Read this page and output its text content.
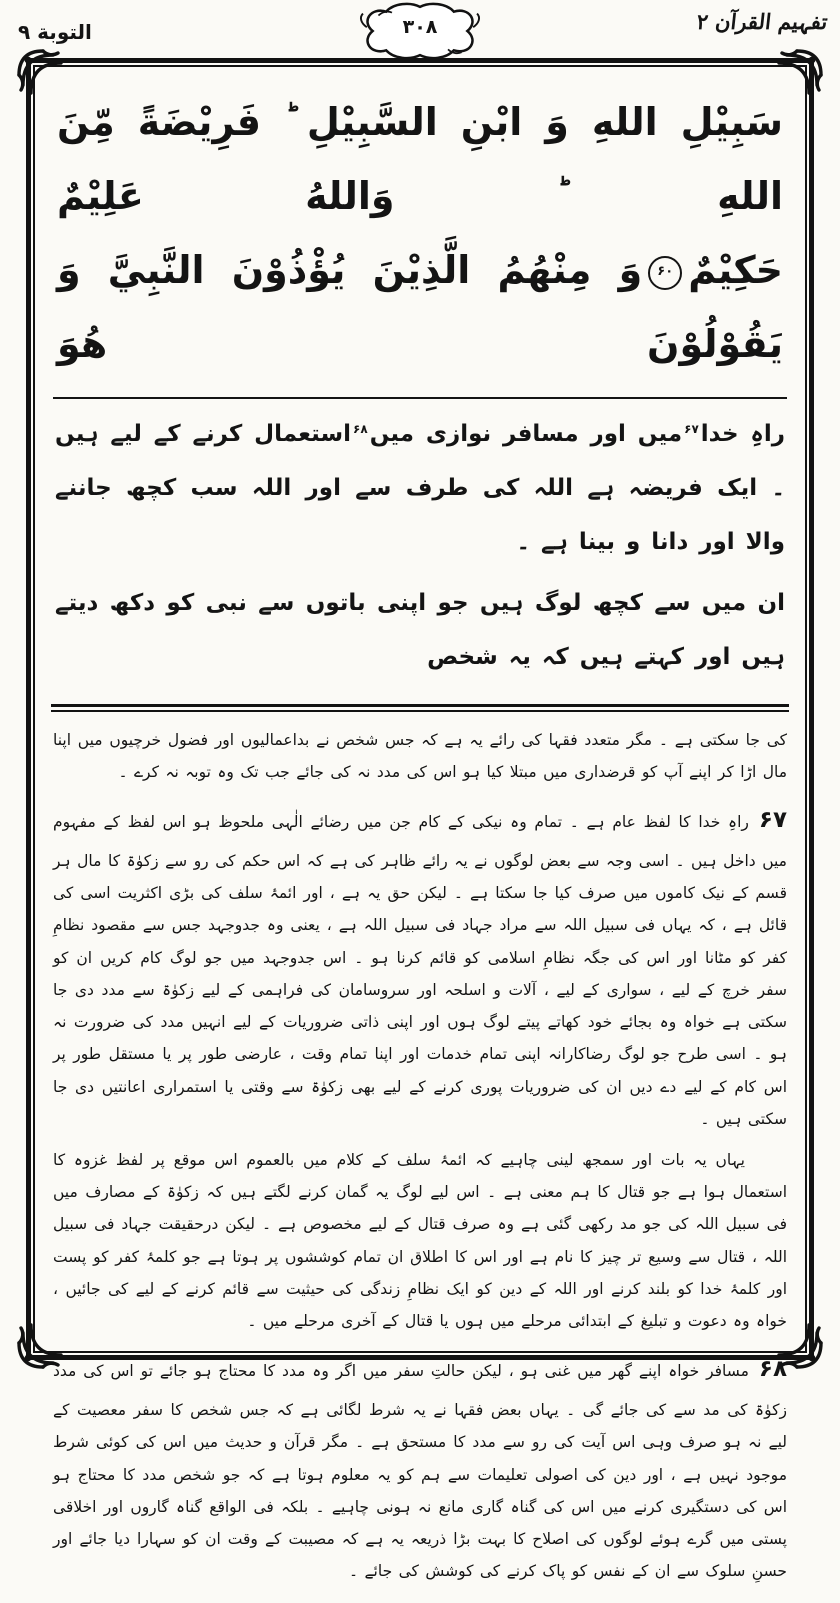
تفہیم القرآن ۲
التوبة ۹	۳۰۸

سَبِيْلِ اللهِ وَ ابْنِ السَّبِيْلِ ؕ فَرِيْضَةً مِّنَ اللهِ ؕ وَاللهُ عَلِيْمٌ

حَكِيْمٌ۶۰وَ مِنْهُمُ الَّذِيْنَ يُؤْذُوْنَ النَّبِيَّ وَ يَقُوْلُوْنَ هُوَ

راہِ خدا$^{۶۷}$میں اور مسافر نوازی میں$^{۶۸}$استعمال کرنے کے لیے ہیں ۔ ایک فریضہ ہے اللہ کی طرف سے اور اللہ سب کچھ جاننے والا اور دانا و بینا ہے ۔

ان میں سے کچھ لوگ ہیں جو اپنی باتوں سے نبی کو دکھ دیتے ہیں اور کہتے ہیں کہ یہ شخص

کی جا سکتی ہے ۔ مگر متعدد فقہا کی رائے یہ ہے کہ جس شخص نے بداعمالیوں اور فضول خرچیوں میں اپنا مال اڑا کر اپنے آپ کو قرضداری میں مبتلا کیا ہو اس کی مدد نہ کی جائے جب تک وہ توبہ نہ کرے ۔

۶۷راہِ خدا کا لفظ عام ہے ۔ تمام وہ نیکی کے کام جن میں رضائے الٰہی ملحوظ ہو اس لفظ کے مفہوم میں داخل ہیں ۔ اسی وجہ سے بعض لوگوں نے یہ رائے ظاہر کی ہے کہ اس حکم کی رو سے زکوٰۃ کا مال ہر قسم کے نیک کاموں میں صرف کیا جا سکتا ہے ۔ لیکن حق یہ ہے ، اور ائمۂ سلف کی بڑی اکثریت اسی کی قائل ہے ، کہ یہاں فی سبیل اللہ سے مراد جہاد فی سبیل اللہ ہے ، یعنی وہ جدوجہد جس سے مقصود نظامِ کفر کو مٹانا اور اس کی جگہ نظامِ اسلامی کو قائم کرنا ہو ۔ اس جدوجہد میں جو لوگ کام کریں ان کو سفر خرچ کے لیے ، سواری کے لیے ، آلات و اسلحہ اور سروسامان کی فراہمی کے لیے زکوٰۃ سے مدد دی جا سکتی ہے خواہ وہ بجائے خود کھاتے پیتے لوگ ہوں اور اپنی ذاتی ضروریات کے لیے انہیں مدد کی ضرورت نہ ہو ۔ اسی طرح جو لوگ رضاکارانہ اپنی تمام خدمات اور اپنا تمام وقت ، عارضی طور پر یا مستقل طور پر اس کام کے لیے دے دیں ان کی ضروریات پوری کرنے کے لیے بھی زکوٰۃ سے وقتی یا استمراری اعانتیں دی جا سکتی ہیں ۔

یہاں یہ بات اور سمجھ لینی چاہیے کہ ائمۂ سلف کے کلام میں بالعموم اس موقع پر لفظ غزوہ کا استعمال ہوا ہے جو قتال کا ہم معنی ہے ۔ اس لیے لوگ یہ گمان کرنے لگتے ہیں کہ زکوٰۃ کے مصارف میں فی سبیل اللہ کی جو مد رکھی گئی ہے وہ صرف قتال کے لیے مخصوص ہے ۔ لیکن درحقیقت جہاد فی سبیل اللہ ، قتال سے وسیع تر چیز کا نام ہے اور اس کا اطلاق ان تمام کوششوں پر ہوتا ہے جو کلمۂ کفر کو پست اور کلمۂ خدا کو بلند کرنے اور اللہ کے دین کو ایک نظامِ زندگی کی حیثیت سے قائم کرنے کے لیے کی جائیں ، خواہ وہ دعوت و تبلیغ کے ابتدائی مرحلے میں ہوں یا قتال کے آخری مرحلے میں ۔

۶۸مسافر خواہ اپنے گھر میں غنی ہو ، لیکن حالتِ سفر میں اگر وہ مدد کا محتاج ہو جائے تو اس کی مدد زکوٰۃ کی مد سے کی جائے گی ۔ یہاں بعض فقہا نے یہ شرط لگائی ہے کہ جس شخص کا سفر معصیت کے لیے نہ ہو صرف وہی اس آیت کی رو سے مدد کا مستحق ہے ۔ مگر قرآن و حدیث میں اس کی کوئی شرط موجود نہیں ہے ، اور دین کی اصولی تعلیمات سے ہم کو یہ معلوم ہوتا ہے کہ جو شخص مدد کا محتاج ہو اس کی دستگیری کرنے میں اس کی گناہ گاری مانع نہ ہونی چاہیے ۔ بلکہ فی الواقع گناہ گاروں اور اخلاقی پستی میں گرے ہوئے لوگوں کی اصلاح کا بہت بڑا ذریعہ یہ ہے کہ مصیبت کے وقت ان کو سہارا دیا جائے اور حسنِ سلوک سے ان کے نفس کو پاک کرنے کی کوشش کی جائے ۔
